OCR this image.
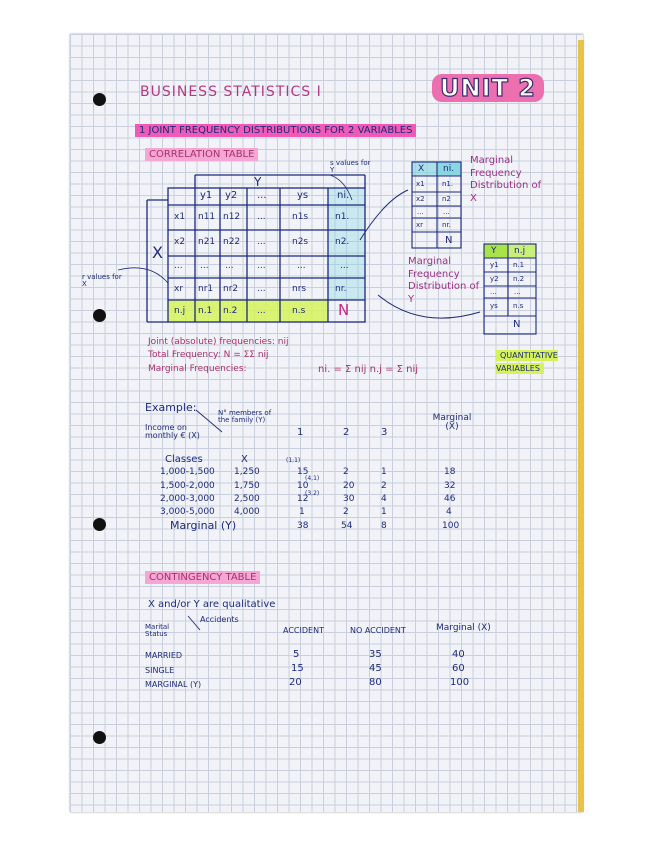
BUSINESS STATISTICS I	UNIT 2
1 JOINT FREQUENCY DISTRIBUTIONS FOR 2 VARIABLES
CORRELATION TABLE
Y
X
s values for Y
r values for X
y1 y2 ...	ys	ni.
x1 n11 n12 ...	n1s	n1.
x2 n21 n22 ...	n2s	n2.
... ... ...	...	...	...
xr nr1 nr2 ...	nrs	nr.
n.j n.1 n.2 ...	n.s N
X ni.
x1 n1.
x2 n2
...	...
xr	nr.
N
Marginal Frequency Distribution of X
Y n.j
y1 n.1
y2 n.2
... ...
ys n.s
N
Marginal Frequency Distribution of Y
Joint (absolute) frequencies: nij
Total Frequency: N = ΣΣ nij
Marginal Frequencies:	ni. = Σ nij n.j = Σ nij
QUANTITATIVE VARIABLES
Example:
Income on monthly € (X)
N° members of the family (Y)
1	2	3
Marginal (X)
Classes	X	(1,1)
(4,1)
(3,2)
1,000-1,500 1,250	15	2	1	18
1,500-2,000 1,750	10	20	2	32
2,000-3,000 2,500	12	30	4	46
3,000-5,000 4,000	1	2	1	4
Marginal (Y)	38	54	8	100
CONTINGENCY TABLE
X and/or Y are qualitative
Marital Status
Accidents
ACCIDENT	NO ACCIDENT	Marginal (X)
MARRIED	5	35	40
SINGLE	15	45	60
MARGINAL (Y)	20	80	100
